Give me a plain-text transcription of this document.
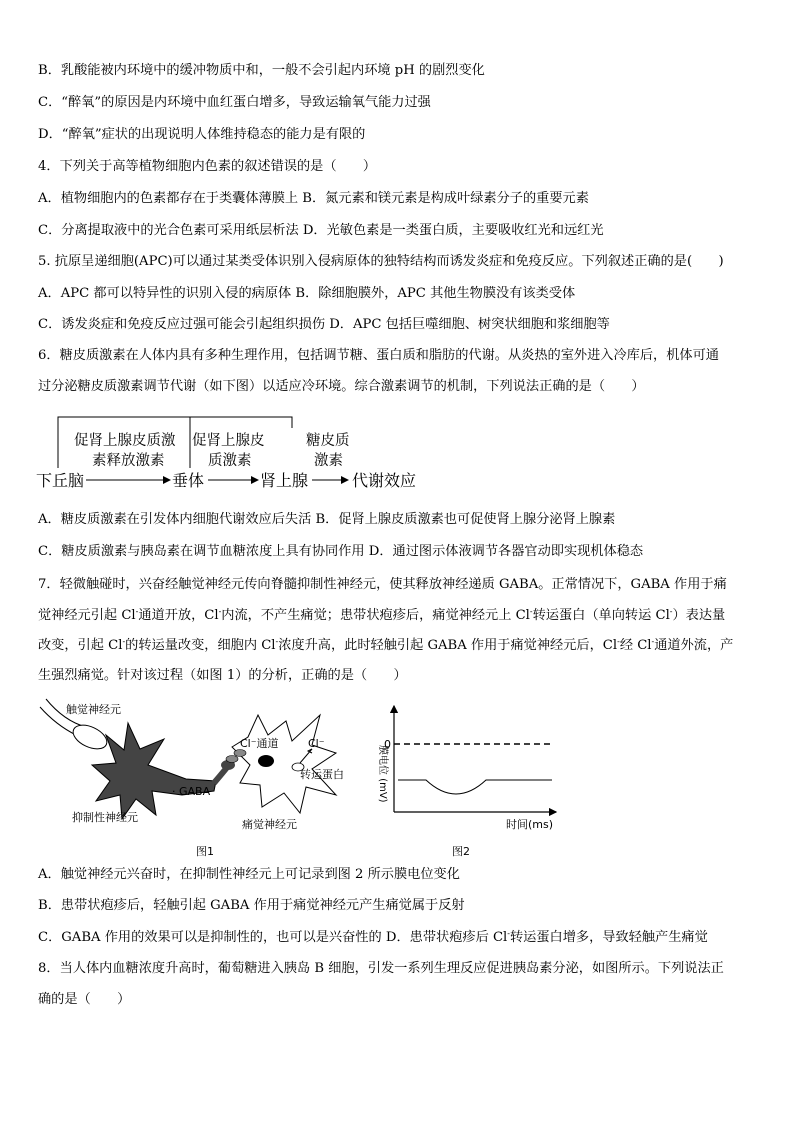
B．乳酸能被内环境中的缓冲物质中和，一般不会引起内环境 pH 的剧烈变化
C．“醉氧”的原因是内环境中血红蛋白增多，导致运输氧气能力过强
D．“醉氧”症状的出现说明人体维持稳态的能力是有限的
4．下列关于高等植物细胞内色素的叙述错误的是（　　）
A．植物细胞内的色素都存在于类囊体薄膜上 B．氮元素和镁元素是构成叶绿素分子的重要元素
C．分离提取液中的光合色素可采用纸层析法 D．光敏色素是一类蛋白质，主要吸收红光和远红光
5. 抗原呈递细胞(APC)可以通过某类受体识别入侵病原体的独特结构而诱发炎症和免疫反应。下列叙述正确的是(　　)
A．APC 都可以特异性的识别入侵的病原体 B．除细胞膜外，APC 其他生物膜没有该类受体
C．诱发炎症和免疫反应过强可能会引起组织损伤 D．APC 包括巨噬细胞、树突状细胞和浆细胞等
6．糖皮质激素在人体内具有多种生理作用，包括调节糖、蛋白质和脂肪的代谢。从炎热的室外进入冷库后，机体可通
过分泌糖皮质激素调节代谢（如下图）以适应冷环境。综合激素调节的机制，下列说法正确的是（　　）
下丘脑	垂体	肾上腺	代谢效应
促肾上腺皮质激
素释放激素
促肾上腺皮
质激素
糖皮质
激素
A．糖皮质激素在引发体内细胞代谢效应后失活 B．促肾上腺皮质激素也可促使肾上腺分泌肾上腺素
C．糖皮质激素与胰岛素在调节血糖浓度上具有协同作用 D．通过图示体液调节各器官动即实现机体稳态
7．轻微触碰时，兴奋经触觉神经元传向脊髓抑制性神经元，使其释放神经递质 GABA。正常情况下，GABA 作用于痛
觉神经元引起 Cl-通道开放，Cl-内流，不产生痛觉；患带状疱疹后，痛觉神经元上 Cl-转运蛋白（单向转运 Cl-）表达量
改变，引起 Cl-的转运量改变，细胞内 Cl-浓度升高，此时轻触引起 GABA 作用于痛觉神经元后，Cl-经 Cl-通道外流，产
生强烈痛觉。针对该过程（如图 1）的分析，正确的是（　　）
触觉神经元
· GABA
抑制性神经元
Cl⁻通道	Cl⁻
转运蛋白
痛觉神经元
图1
膜电位 (mV)
0
时间(ms)
图2
A．触觉神经元兴奋时，在抑制性神经元上可记录到图 2 所示膜电位变化
B．患带状疱疹后，轻触引起 GABA 作用于痛觉神经元产生痛觉属于反射
C．GABA 作用的效果可以是抑制性的，也可以是兴奋性的 D．患带状疱疹后 Cl-转运蛋白增多，导致轻触产生痛觉
8．当人体内血糖浓度升高时，葡萄糖进入胰岛 B 细胞，引发一系列生理反应促进胰岛素分泌，如图所示。下列说法正
确的是（　　）
